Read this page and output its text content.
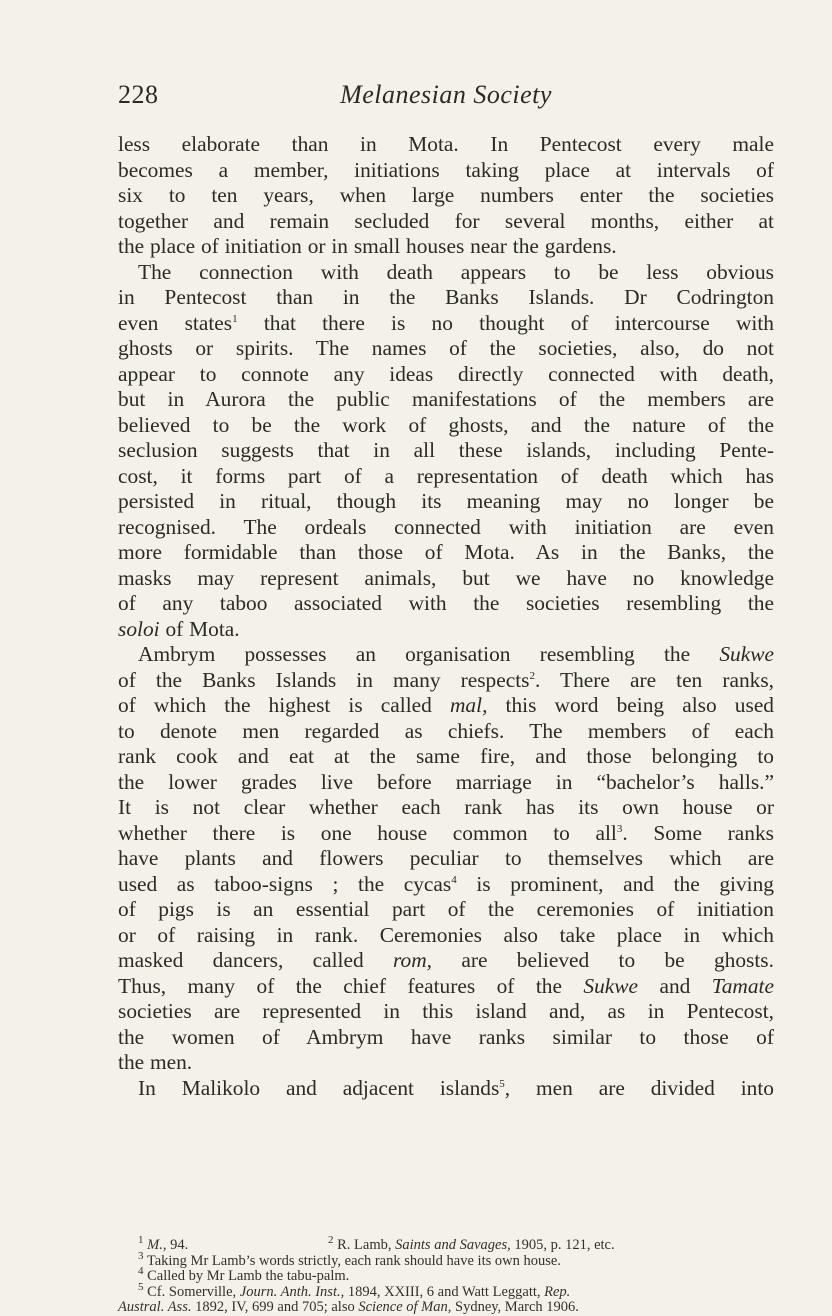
228	Melanesian Society

less elaborate than in Mota. In Pentecost every male
becomes a member, initiations taking place at intervals of
six to ten years, when large numbers enter the societies
together and remain secluded for several months, either at
the place of initiation or in small houses near the gardens.

The connection with death appears to be less obvious
in Pentecost than in the Banks Islands. Dr Codrington
even states$^1$ that there is no thought of intercourse with
ghosts or spirits. The names of the societies, also, do not
appear to connote any ideas directly connected with death,
but in Aurora the public manifestations of the members are
believed to be the work of ghosts, and the nature of the
seclusion suggests that in all these islands, including Pente-
cost, it forms part of a representation of death which has
persisted in ritual, though its meaning may no longer be
recognised. The ordeals connected with initiation are even
more formidable than those of Mota. As in the Banks, the
masks may represent animals, but we have no knowledge
of any taboo associated with the societies resembling the
soloi of Mota.

Ambrym possesses an organisation resembling the Sukwe
of the Banks Islands in many respects$^2$. There are ten ranks,
of which the highest is called mal, this word being also used
to denote men regarded as chiefs. The members of each
rank cook and eat at the same fire, and those belonging to
the lower grades live before marriage in “bachelor’s halls.”
It is not clear whether each rank has its own house or
whether there is one house common to all$^3$. Some ranks
have plants and flowers peculiar to themselves which are
used as taboo-signs ; the cycas$^4$ is prominent, and the giving
of pigs is an essential part of the ceremonies of initiation
or of raising in rank. Ceremonies also take place in which
masked dancers, called rom, are believed to be ghosts.
Thus, many of the chief features of the Sukwe and Tamate
societies are represented in this island and, as in Pentecost,
the women of Ambrym have ranks similar to those of
the men.

In Malikolo and adjacent islands$^5$, men are divided into

$^1$ M., 94.	$^2$ R. Lamb, Saints and Savages, 1905, p. 121, etc.
$^3$ Taking Mr Lamb’s words strictly, each rank should have its own house.
$^4$ Called by Mr Lamb the tabu-palm.
$^5$ Cf. Somerville, Journ. Anth. Inst., 1894, XXIII, 6 and Watt Leggatt, Rep.
Austral. Ass. 1892, IV, 699 and 705; also Science of Man, Sydney, March 1906.
